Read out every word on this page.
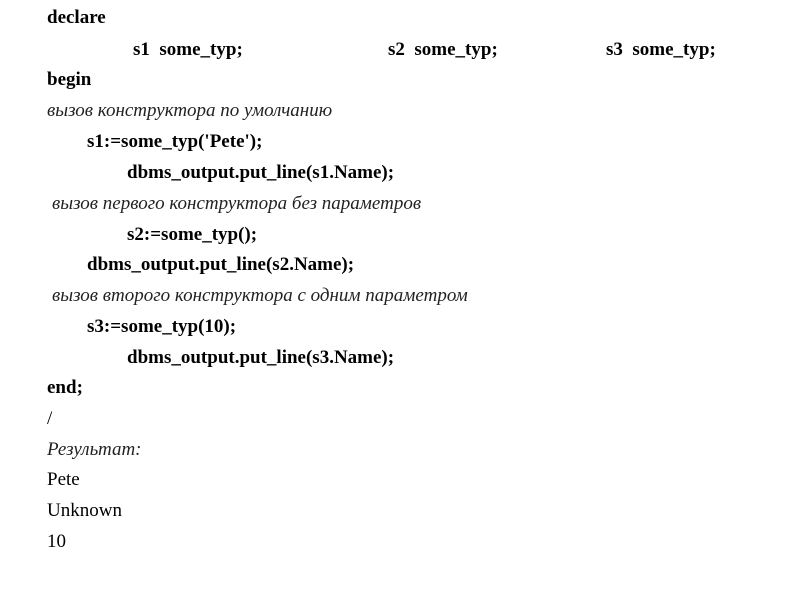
declare
s1  some_typ;	s2  some_typ;	s3  some_typ;
begin
вызов конструктора по умолчанию
s1:=some_typ('Pete');
dbms_output.put_line(s1.Name);
вызов первого конструктора без параметров
s2:=some_typ();
dbms_output.put_line(s2.Name);
вызов второго конструктора с одним параметром
s3:=some_typ(10);
dbms_output.put_line(s3.Name);
end;
/
Результат:
Pete
Unknown
10
